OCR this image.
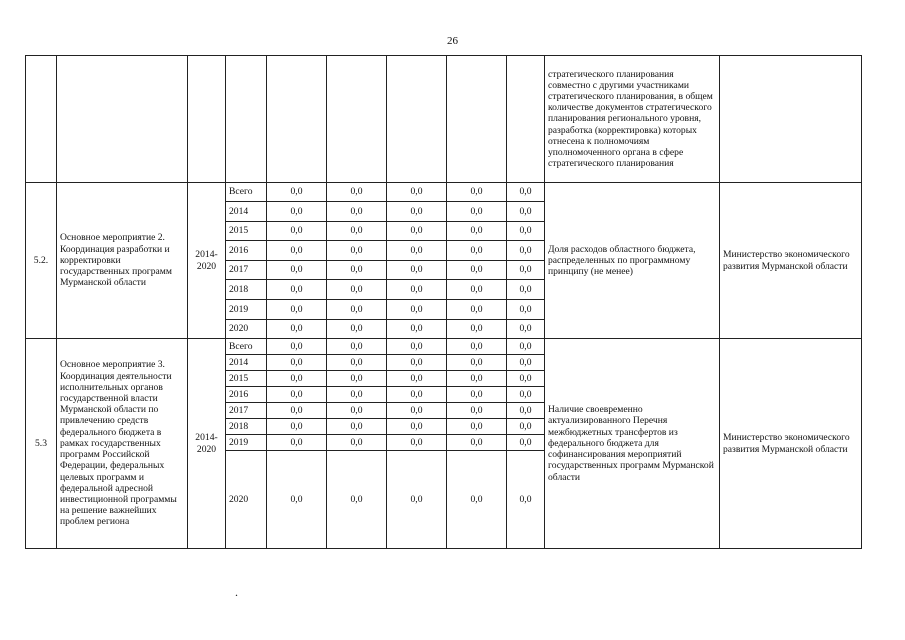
26
									стратегического планирования совместно с другими участниками стратегического планирования, в общем количестве документов стратегического планирования регионального уровня, разработка (корректировка) которых отнесена к полномочиям уполномоченного органа в сфере стратегического планирования	
5.2.	Основное мероприятие 2. Координация разработки и корректировки государственных программ Мурманской области	2014-2020	Всего	0,0	0,0	0,0	0,0	0,0	Доля расходов областного бюджета, распределенных по программному принципу (не менее)	Министерство экономического развития Мурманской области
			2014	0,0	0,0	0,0	0,0	0,0		
			2015	0,0	0,0	0,0	0,0	0,0		
			2016	0,0	0,0	0,0	0,0	0,0		
			2017	0,0	0,0	0,0	0,0	0,0		
			2018	0,0	0,0	0,0	0,0	0,0		
			2019	0,0	0,0	0,0	0,0	0,0		
			2020	0,0	0,0	0,0	0,0	0,0		
5.3	Основное мероприятие 3. Координация деятельности исполнительных органов государственной власти Мурманской области по привлечению средств федерального бюджета в рамках государственных программ Российской Федерации, федеральных целевых программ и федеральной адресной инвестиционной программы на решение важнейших проблем региона	2014-2020	Всего	0,0	0,0	0,0	0,0	0,0	Наличие своевременно актуализированного Перечня межбюджетных трансфертов из федерального бюджета для софинансирования мероприятий государственных программ Мурманской области	Министерство экономического развития Мурманской области
			2014	0,0	0,0	0,0	0,0	0,0		
			2015	0,0	0,0	0,0	0,0	0,0		
			2016	0,0	0,0	0,0	0,0	0,0		
			2017	0,0	0,0	0,0	0,0	0,0		
			2018	0,0	0,0	0,0	0,0	0,0		
			2019	0,0	0,0	0,0	0,0	0,0		
			2020	0,0	0,0	0,0	0,0	0,0		
.
